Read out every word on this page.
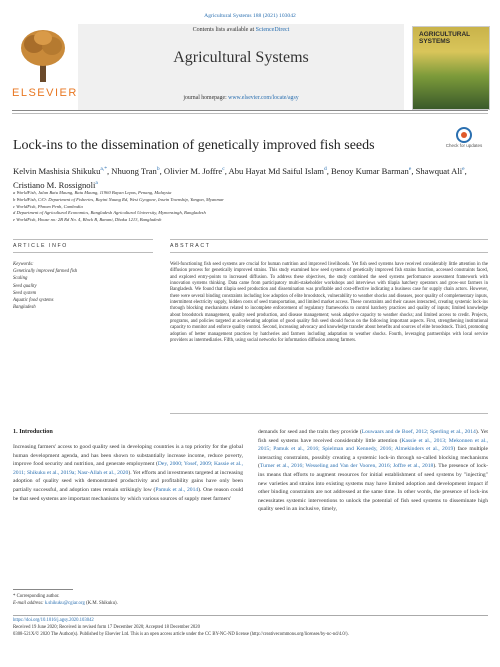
Agricultural Systems 188 (2021) 103042
ELSEVIER
Contents lists available at ScienceDirect
Agricultural Systems
journal homepage: www.elsevier.com/locate/agsy
AGRICULTURAL SYSTEMS
Lock-ins to the dissemination of genetically improved fish seeds	Check for updates
Kelvin Mashisia Shikuku$^{a,*}$, Nhuong Tran$^b$, Olivier M. Joffre$^c$, Abu Hayat Md Saiful Islam$^d$, Benoy Kumar Barman$^e$, Shawquat Ali$^e$, Cristiano M. Rossignoli$^a$
a WorldFish, Jalan Batu Maung, Batu Maung, 11960 Bayan Lepas, Penang, Malaysia
b WorldFish, C/O: Department of Fisheries, Bayint Naung Rd, West Gyogone, Insein Township, Yangon, Myanmar
c WorldFish, Phnom Penh, Cambodia
d Department of Agricultural Economics, Bangladesh Agricultural University, Mymensingh, Bangladesh
e WorldFish, House no: 2B Rd No. 4, Block B, Banani, Dhaka 1213, Bangladesh
ARTICLE INFO	ABSTRACT
Keywords:
Genetically improved farmed fish
Scaling
Seed quality
Seed system
Aquatic food systems
Bangladesh
Well-functioning fish seed systems are crucial for human nutrition and improved livelihoods. Yet fish seed systems have received considerably little attention in the diffusion process for genetically improved strains. This study examined how seed systems of genetically improved fish strains function, accessed constraints faced, and explored entry-points to increased diffusion. To address these objectives, the study combined the seed systems performance assessment framework with innovation systems thinking. Data came from participatory multi-stakeholder workshops and interviews with tilapia hatchery operators and grow-out farmers in Bangladesh. We found that tilapia seed production and dissemination was profitable and cost-effective indicating a business case for supply chain actors. However, there were several binding constraints including low adoption of elite broodstock, vulnerability to weather shocks and diseases, poor quality of complementary inputs, intermittent electricity supply, hidden costs of seed transportation, and limited market access. These constraints and their causes interacted, creating systemic lock-ins through blocking mechanisms related to incomplete enforcement of regulatory frameworks to control hatchery practices and quality of inputs; limited knowledge about broodstock management, quality seed production, and disease management; weak adaptive capacity to weather shocks; and limited access to credit. Projects, programs, and policies targeted at accelerating adoption of good quality fish seed should focus on the following important aspects. First, strengthening institutional capacity to monitor and enforce quality control. Second, increasing advocacy and knowledge transfer about benefits and sources of elite broodstock. Third, promoting adoption of better management practices by hatcheries and farmers including adaptation to weather shocks. Fourth, leveraging partnerships with local service providers as intermediaries. Fifth, using social networks for information diffusion among farmers.
1. Introduction
Increasing farmers' access to good quality seed in developing countries is a top priority for the global human development agenda, and has been shown to substantially increase income, reduce poverty, improve food security and nutrition, and generate employment (Dey, 2000; Yosef, 2009; Kassie et al., 2011; Shikuku et al., 2019a; Nasr-Allah et al., 2020). Yet efforts and investments targeted at increasing adoption of quality seed with demonstrated productivity and profitability gains have only been partially successful, and adoption rates remain strikingly low (Pamuk et al., 2014). One reason could be that seed systems are important mechanisms by which various sources of supply meet farmers'
demands for seed and the traits they provide (Louwaars and de Boef, 2012; Sperling et al., 2014). Yet fish seed systems have received considerably little attention (Kassie et al., 2013; Mekonnen et al., 2015; Pamuk et al., 2016; Spielman and Kennedy, 2016; Almekinders et al., 2019) face multiple interacting constraints, possibly creating a systemic lock-in through so-called blocking mechanisms (Turner et al., 2016; Wesseling and Van der Vooren, 2016; Joffre et al., 2018). The presence of lock-ins means that efforts to augment resources for initial establishment of seed systems by "injecting" new varieties and strains into existing systems may have limited adoption and development impact if other binding constraints are not addressed at the same time. In other words, the presence of lock-ins necessitates systemic interventions to unlock the potential of fish seed systems to disseminate high quality seed in an inclusive, timely,
* Corresponding author.
E-mail address: k.shikuku@cgiar.org (K.M. Shikuku).
https://doi.org/10.1016/j.agsy.2020.103042
Received 19 June 2020; Received in revised form 17 December 2020; Accepted 18 December 2020
0308-521X/© 2020 The Author(s). Published by Elsevier Ltd. This is an open access article under the CC BY-NC-ND license (http://creativecommons.org/licenses/by-nc-nd/4.0/).
